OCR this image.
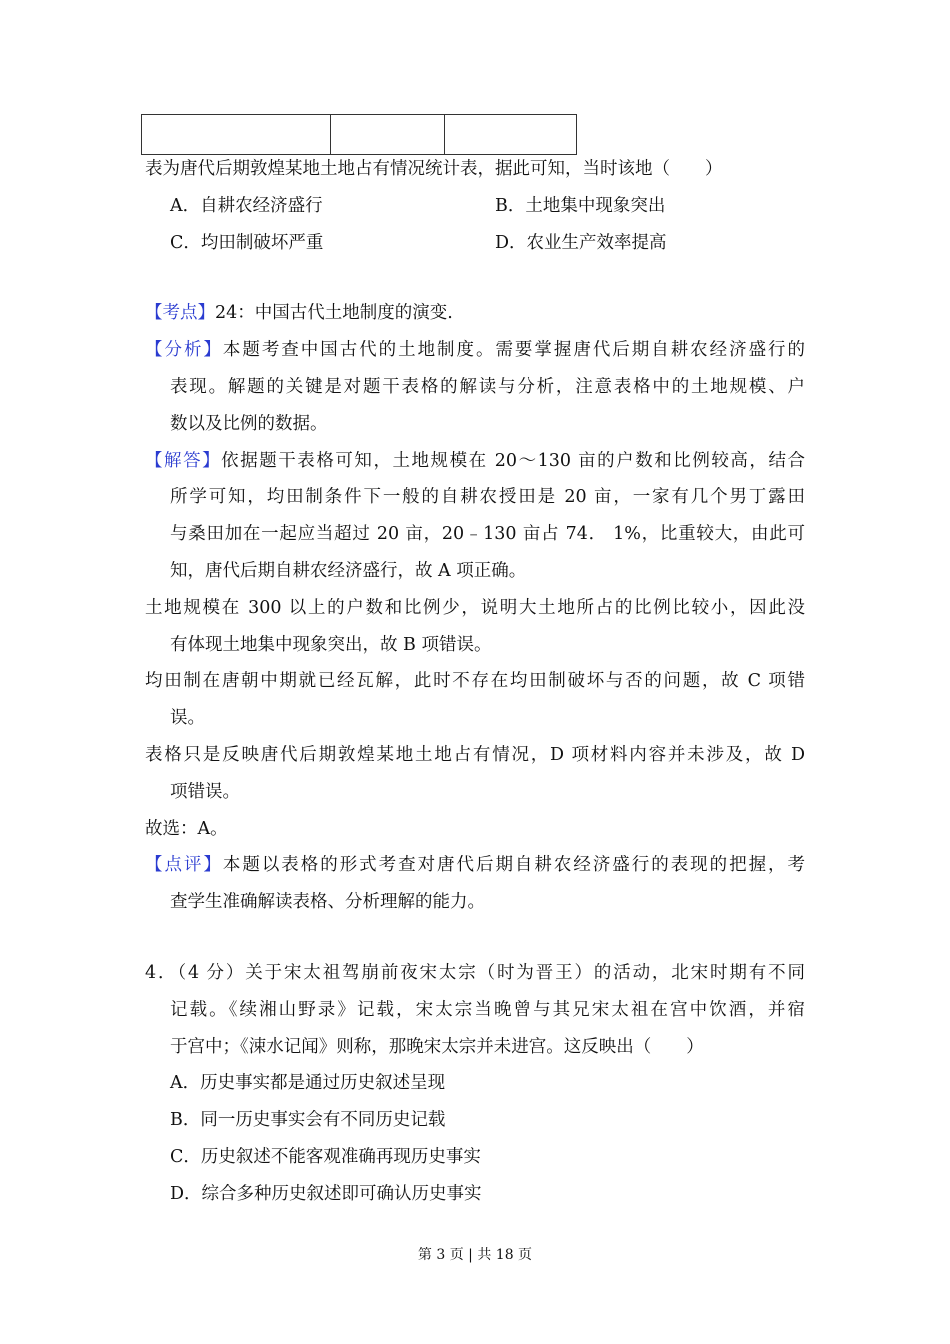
表为唐代后期敦煌某地土地占有情况统计表，据此可知，当时该地（　　）
A．自耕农经济盛行	B．土地集中现象突出
C．均田制破坏严重	D．农业生产效率提高
【考点】24：中国古代土地制度的演变.
【分析】本题考查中国古代的土地制度。需要掌握唐代后期自耕农经济盛行的
表现。解题的关键是对题干表格的解读与分析，注意表格中的土地规模、户
数以及比例的数据。
【解答】依据题干表格可知，土地规模在 20～130 亩的户数和比例较高，结合
所学可知，均田制条件下一般的自耕农授田是 20 亩，一家有几个男丁露田
与桑田加在一起应当超过 20 亩，20﹣130 亩占 74． 1%，比重较大，由此可
知，唐代后期自耕农经济盛行，故 A 项正确。
土地规模在 300 以上的户数和比例少，说明大土地所占的比例比较小，因此没
有体现土地集中现象突出，故 B 项错误。
均田制在唐朝中期就已经瓦解，此时不存在均田制破坏与否的问题，故 C 项错
误。
表格只是反映唐代后期敦煌某地土地占有情况，D 项材料内容并未涉及，故 D
项错误。
故选：A。
【点评】本题以表格的形式考查对唐代后期自耕农经济盛行的表现的把握，考
查学生准确解读表格、分析理解的能力。
4．（4 分）关于宋太祖驾崩前夜宋太宗（时为晋王）的活动，北宋时期有不同
记载。《续湘山野录》记载，宋太宗当晚曾与其兄宋太祖在宫中饮酒，并宿
于宫中；《涑水记闻》则称，那晚宋太宗并未进宫。这反映出（　　）
A．历史事实都是通过历史叙述呈现
B．同一历史事实会有不同历史记载
C．历史叙述不能客观准确再现历史事实
D．综合多种历史叙述即可确认历史事实
第 3 页 | 共 18 页
